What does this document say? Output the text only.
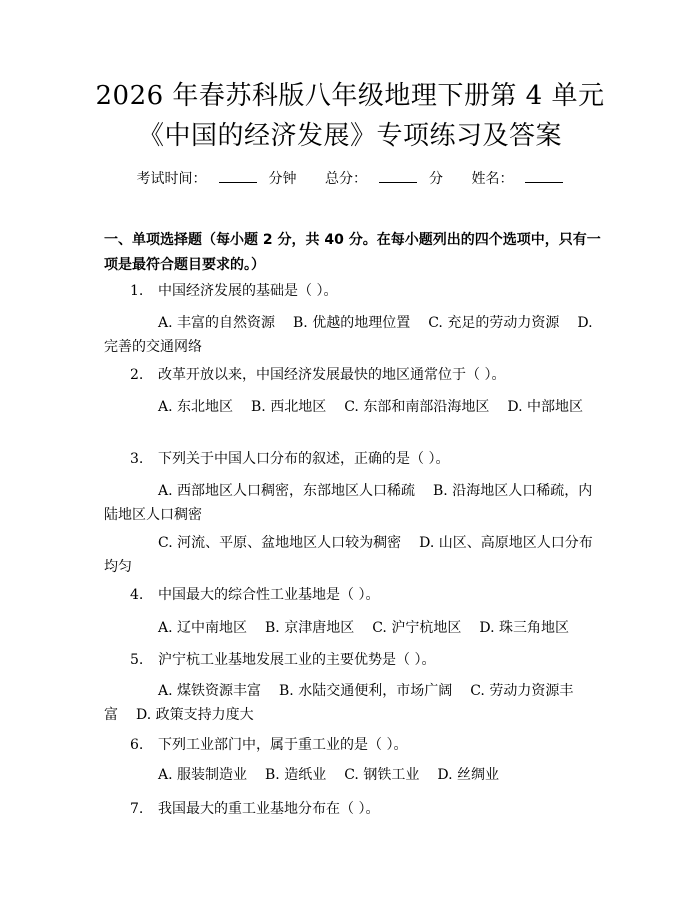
2026 年春苏科版八年级地理下册第 4 单元
《中国的经济发展》专项练习及答案
考试时间：	分钟 总分：	分 姓名：
一、单项选择题（每小题 2 分，共 40 分。在每小题列出的四个选项中，只有一项是最符合题目要求的。）
1. 中国经济发展的基础是（ ）。
A. 丰富的自然资源 B. 优越的地理位置 C. 充足的劳动力资源 D. 完善的交通网络
2. 改革开放以来，中国经济发展最快的地区通常位于（ ）。
A. 东北地区 B. 西北地区 C. 东部和南部沿海地区 D. 中部地区
3. 下列关于中国人口分布的叙述，正确的是（ ）。
A. 西部地区人口稠密，东部地区人口稀疏 B. 沿海地区人口稀疏，内陆地区人口稠密
C. 河流、平原、盆地地区人口较为稠密 D. 山区、高原地区人口分布均匀
4. 中国最大的综合性工业基地是（ ）。
A. 辽中南地区 B. 京津唐地区 C. 沪宁杭地区 D. 珠三角地区
5. 沪宁杭工业基地发展工业的主要优势是（ ）。
A. 煤铁资源丰富 B. 水陆交通便利，市场广阔 C. 劳动力资源丰富 D. 政策支持力度大
6. 下列工业部门中，属于重工业的是（ ）。
A. 服装制造业 B. 造纸业 C. 钢铁工业 D. 丝绸业
7. 我国最大的重工业基地分布在（ ）。
